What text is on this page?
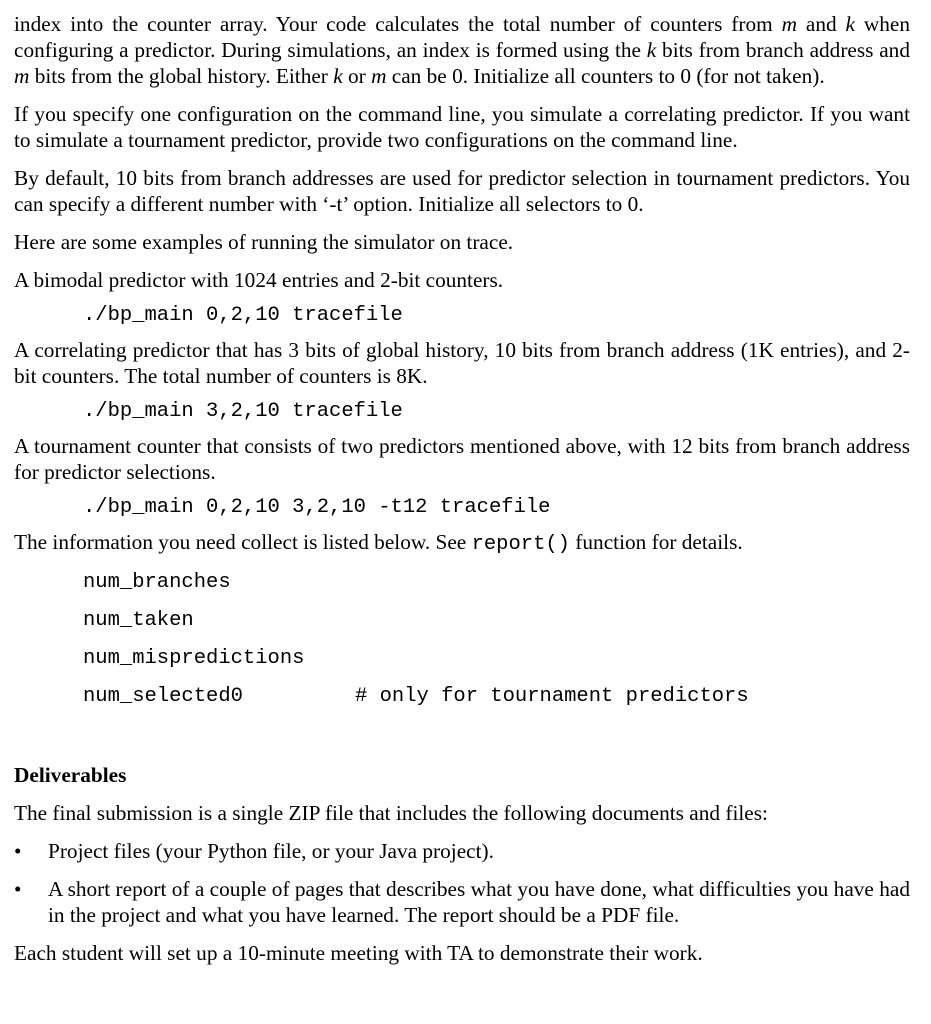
index into the counter array. Your code calculates the total number of counters from m and k when configuring a predictor. During simulations, an index is formed using the k bits from branch address and m bits from the global history. Either k or m can be 0. Initialize all counters to 0 (for not taken).

If you specify one configuration on the command line, you simulate a correlating predictor. If you want to simulate a tournament predictor, provide two configurations on the command line.

By default, 10 bits from branch addresses are used for predictor selection in tournament predictors. You can specify a different number with ‘-t’ option. Initialize all selectors to 0.

Here are some examples of running the simulator on trace.

A bimodal predictor with 1024 entries and 2-bit counters.

./bp_main 0,2,10 tracefile

A correlating predictor that has 3 bits of global history, 10 bits from branch address (1K entries), and 2-bit counters. The total number of counters is 8K.

./bp_main 3,2,10 tracefile

A tournament counter that consists of two predictors mentioned above, with 12 bits from branch address for predictor selections.

./bp_main 0,2,10 3,2,10 -t12 tracefile

The information you need collect is listed below. See report() function for details.

num_branches
num_taken
num_mispredictions
num_selected0	# only for tournament predictors

Deliverables

The final submission is a single ZIP file that includes the following documents and files:

• Project files (your Python file, or your Java project).
• A short report of a couple of pages that describes what you have done, what difficulties you have had in the project and what you have learned. The report should be a PDF file.

Each student will set up a 10-minute meeting with TA to demonstrate their work.
